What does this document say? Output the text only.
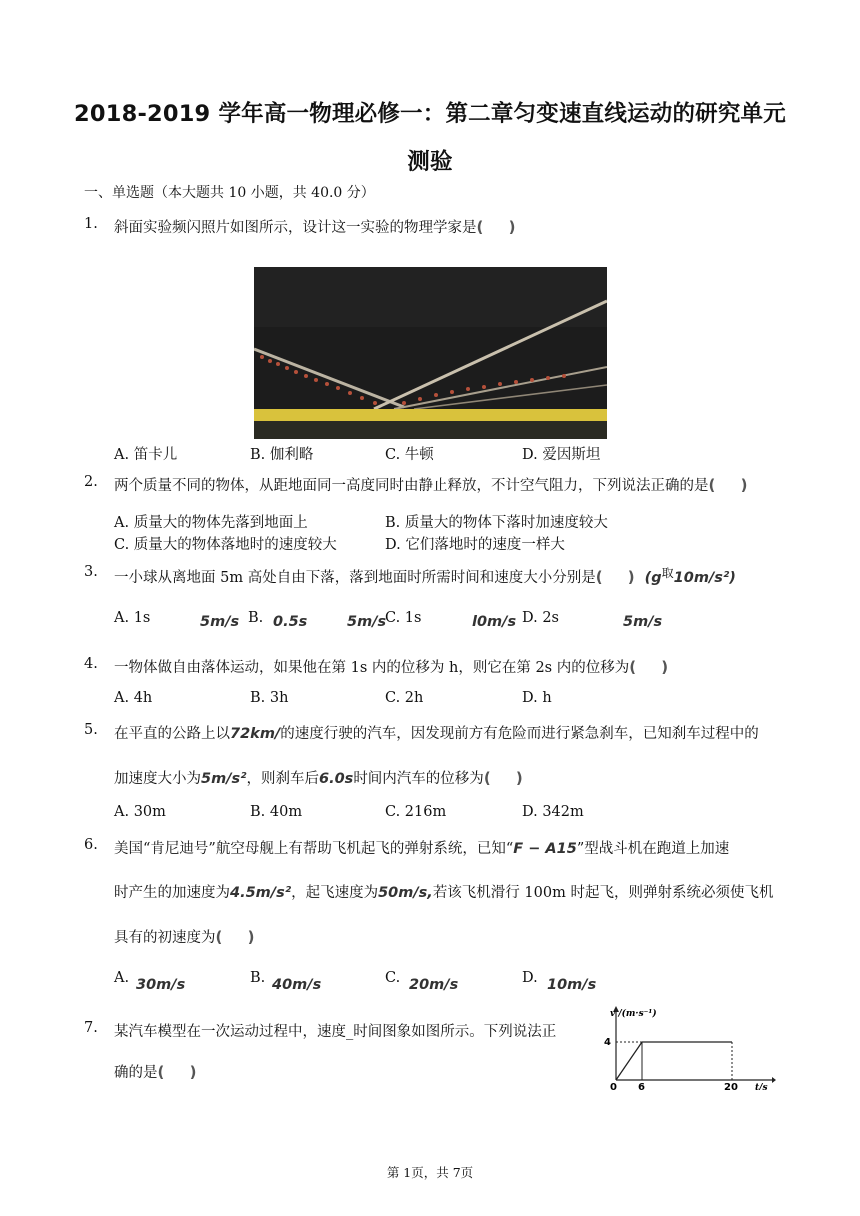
2018-2019 学年高一物理必修一：第二章匀变速直线运动的研究单元
测验
一、单选题（本大题共 10 小题，共 40.0 分）
1. 斜面实验频闪照片如图所示，设计这一实验的物理学家是( )
A. 笛卡儿	B. 伽利略	C. 牛顿	D. 爱因斯坦
2. 两个质量不同的物体，从距地面同一高度同时由静止释放，不计空气阻力，下列说法正确的是( )
A. 质量大的物体先落到地面上	B. 质量大的物体下落时加速度较大
C. 质量大的物体落地时的速度较大	D. 它们落地时的速度一样大
3. 一小球从离地面 5m 高处自由下落，落到地面时所需时间和速度大小分别是( )$(g^取10m/s^2)$
A. 1s	5m/s B. 0.5s	5m/s
C. 1s	l0m/s D. 2s	5m/s
4. 一物体做自由落体运动，如果他在第 1s 内的位移为 h，则它在第 2s 内的位移为( )
A. 4h	B. 3h	C. 2h	D. h
5. 在平直的公路上以72km/的速度行驶的汽车，因发现前方有危险而进行紧急刹车，已知刹车过程中的
加速度大小为5m/s²，则刹车后6.0s时间内汽车的位移为( )
A. 30m	B. 40m	C. 216m	D. 342m
6. 美国“肯尼迪号”航空母舰上有帮助飞机起飞的弹射系统，已知“F − A15”型战斗机在跑道上加速
时产生的加速度为4.5m/s²，起飞速度为50m/s,若该飞机滑行 100m 时起飞，则弹射系统必须使飞机
具有的初速度为( )
A. 30m/s	B. 40m/s	C. 20m/s	D. 10m/s
7. 某汽车模型在一次运动过程中，速度_时间图象如图所示。下列说法正
确的是( )
v /(m·s⁻¹)
4
0 6	20 t/s
第 1页，共 7页
